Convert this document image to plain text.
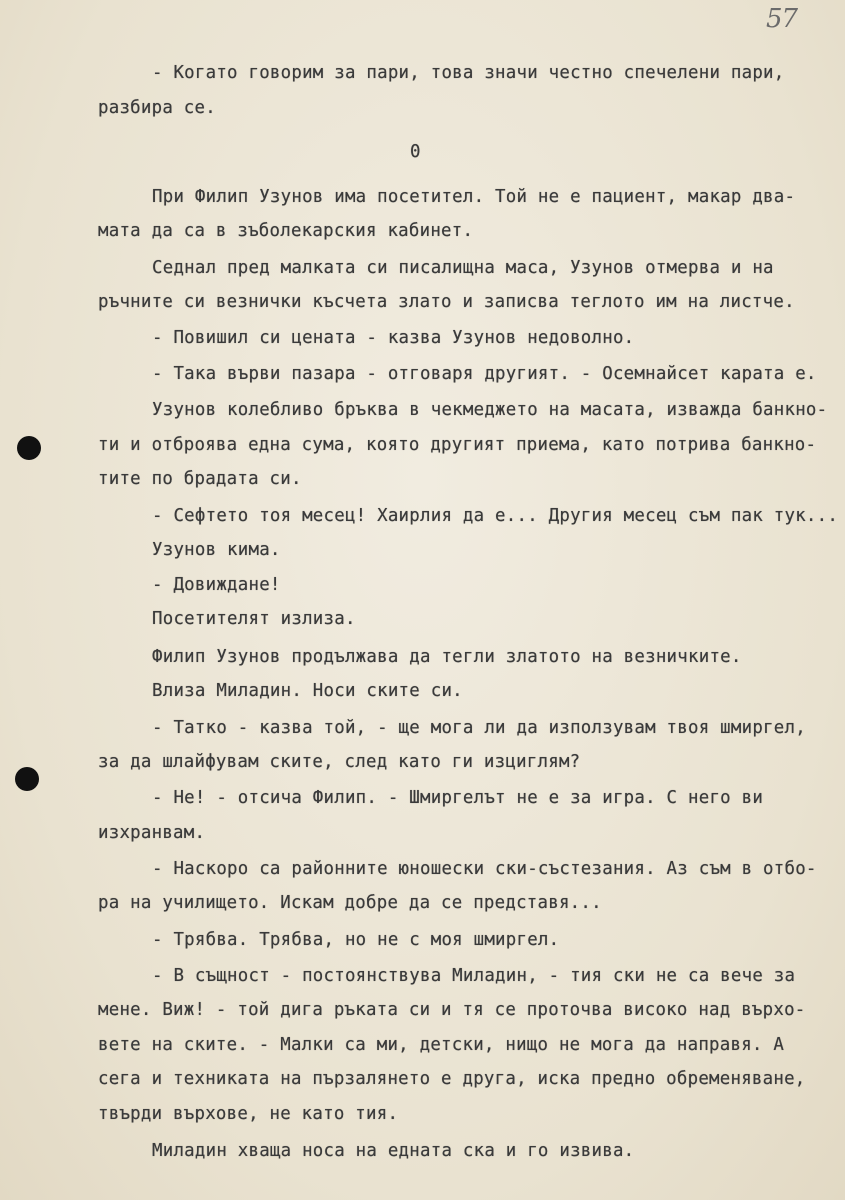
57
- Когато говорим за пари, това значи честно спечелени пари,
разбира се.
0
При Филип Узунов има посетител. Той не е пациент, макар два-
мата да са в зъболекарския кабинет.
Седнал пред малката си писалищна маса, Узунов отмерва и на
ръчните си везнички късчета злато и записва теглото им на листче.
- Повишил си цената - казва Узунов недоволно.
- Така върви пазара - отговаря другият. - Осемнайсет карата е.
Узунов колебливо бръква в чекмеджето на масата, изважда банкно-
ти и отброява една сума, която другият приема, като потрива банкно-
тите по брадата си.
- Сефтето тоя месец! Хаирлия да е... Другия месец съм пак тук...
Узунов кима.
- Довиждане!
Посетителят излиза.
Филип Узунов продължава да тегли златото на везничките.
Влиза Миладин. Носи ските си.
- Татко - казва той, - ще мога ли да използувам твоя шмиргел,
за да шлайфувам ските, след като ги изциглям?
- Не! - отсича Филип. - Шмиргелът не е за игра. С него ви
изхранвам.
- Наскоро са районните юношески ски-състезания. Аз съм в отбо-
ра на училището. Искам добре да се представя...
- Трябва. Трябва, но не с моя шмиргел.
- В същност - постоянствува Миладин, - тия ски не са вече за
мене. Виж! - той дига ръката си и тя се проточва високо над върхо-
вете на ските. - Малки са ми, детски, нищо не мога да направя. А
сега и техниката на пързалянето е друга, иска предно обременяване,
твърди върхове, не като тия.
Миладин хваща носа на едната ска и го извива.
